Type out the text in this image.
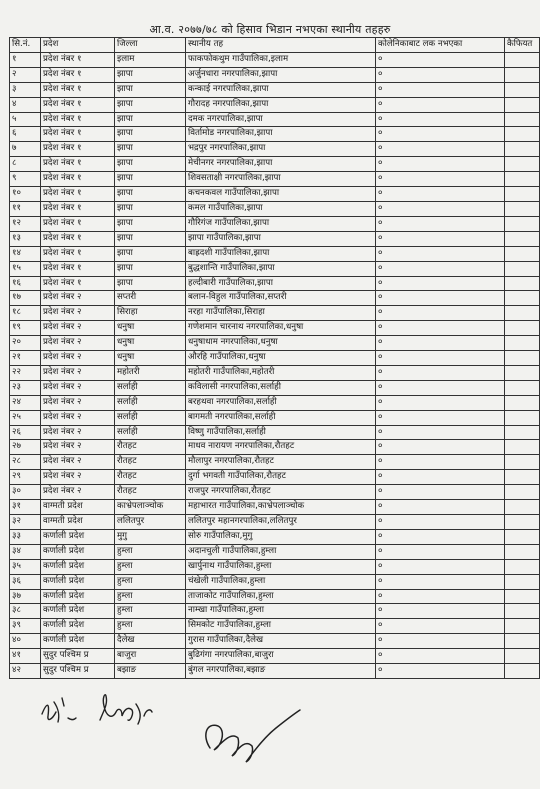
आ.व. २०७७/७८ को हिसाव भिडान नभएका स्थानीय तहहरु
सि.नं.	प्रदेश	जिल्ला	स्थानीय तह	कोलेनिकाबाट लक नभएका	कैफियत
१	प्रदेश नंबर १	इलाम	फाकफोकथुम गाउँपालिका,इलाम	०	
२	प्रदेश नंबर १	झापा	अर्जुनधारा नगरपालिका,झापा	०	
३	प्रदेश नंबर १	झापा	कन्काई नगरपालिका,झापा	०	
४	प्रदेश नंबर १	झापा	गौरादह नगरपालिका,झापा	०	
५	प्रदेश नंबर १	झापा	दमक नगरपालिका,झापा	०	
६	प्रदेश नंबर १	झापा	विर्तामोड नगरपालिका,झापा	०	
७	प्रदेश नंबर १	झापा	भद्रपुर नगरपालिका,झापा	०	
८	प्रदेश नंबर १	झापा	मेचीनगर नगरपालिका,झापा	०	
९	प्रदेश नंबर १	झापा	शिवसताक्षी नगरपालिका,झापा	०	
१०	प्रदेश नंबर १	झापा	कचनकवल गाउँपालिका,झापा	०	
११	प्रदेश नंबर १	झापा	कमल गाउँपालिका,झापा	०	
१२	प्रदेश नंबर १	झापा	गौरिगंज गाउँपालिका,झापा	०	
१३	प्रदेश नंबर १	झापा	झापा गाउँपालिका,झापा	०	
१४	प्रदेश नंबर १	झापा	बाह्रदशी गाउँपालिका,झापा	०	
१५	प्रदेश नंबर १	झापा	बुद्धशान्ति गाउँपालिका,झापा	०	
१६	प्रदेश नंबर १	झापा	हल्दीबारी गाउँपालिका,झापा	०	
१७	प्रदेश नंबर २	सप्तरी	बलान-विहुल गाउँपालिका,सप्तरी	०	
१८	प्रदेश नंबर २	सिराहा	नरहा गाउँपालिका,सिराहा	०	
१९	प्रदेश नंबर २	धनुषा	गणेशमान चारनाथ नगरपालिका,धनुषा	०	
२०	प्रदेश नंबर २	धनुषा	धनुषाधाम नगरपालिका,धनुषा	०	
२१	प्रदेश नंबर २	धनुषा	औरहि गाउँपालिका,धनुषा	०	
२२	प्रदेश नंबर २	महोतरी	महोतरी गाउँपालिका,महोतरी	०	
२३	प्रदेश नंबर २	सर्लाही	कविलासी नगरपालिका,सर्लाही	०	
२४	प्रदेश नंबर २	सर्लाही	बरहथवा नगरपालिका,सर्लाही	०	
२५	प्रदेश नंबर २	सर्लाही	बागमती नगरपालिका,सर्लाही	०	
२६	प्रदेश नंबर २	सर्लाही	विष्णु गाउँपालिका,सर्लाही	०	
२७	प्रदेश नंबर २	रौतहट	माधव नारायण नगरपालिका,रौतहट	०	
२८	प्रदेश नंबर २	रौतहट	मौलापुर नगरपालिका,रौतहट	०	
२९	प्रदेश नंबर २	रौतहट	दुर्गा भगवती गाउँपालिका,रौतहट	०	
३०	प्रदेश नंबर २	रौतहट	राजपुर नगरपालिका,रौतहट	०	
३१	वाग्मती प्रदेश	काभ्रेपलाञ्चोक	महाभारत गाउँपालिका,काभ्रेपलाञ्चोक	०	
३२	वाग्मती प्रदेश	ललितपुर	ललितपुर महानगरपालिका,ललितपुर	०	
३३	कर्णाली प्रदेश	मुगु	सोरु गाउँपालिका,मुगु	०	
३४	कर्णाली प्रदेश	हुम्ला	अदानचुली गाउँपालिका,हुम्ला	०	
३५	कर्णाली प्रदेश	हुम्ला	खार्पुनाथ गाउँपालिका,हुम्ला	०	
३६	कर्णाली प्रदेश	हुम्ला	चंखेली गाउँपालिका,हुम्ला	०	
३७	कर्णाली प्रदेश	हुम्ला	ताजाकोट गाउँपालिका,हुम्ला	०	
३८	कर्णाली प्रदेश	हुम्ला	नाम्खा गाउँपालिका,हुम्ला	०	
३९	कर्णाली प्रदेश	हुम्ला	सिमकोट गाउँपालिका,हुम्ला	०	
४०	कर्णाली प्रदेश	दैलेख	गुरास गाउँपालिका,दैलेख	०	
४१	सुदुर पश्चिम प्र	बाजुरा	बुढिगंगा नगरपालिका,बाजुरा	०	
४२	सुदुर पश्चिम प्र	बझाङ	बुंगल नगरपालिका,बझाङ	०	
